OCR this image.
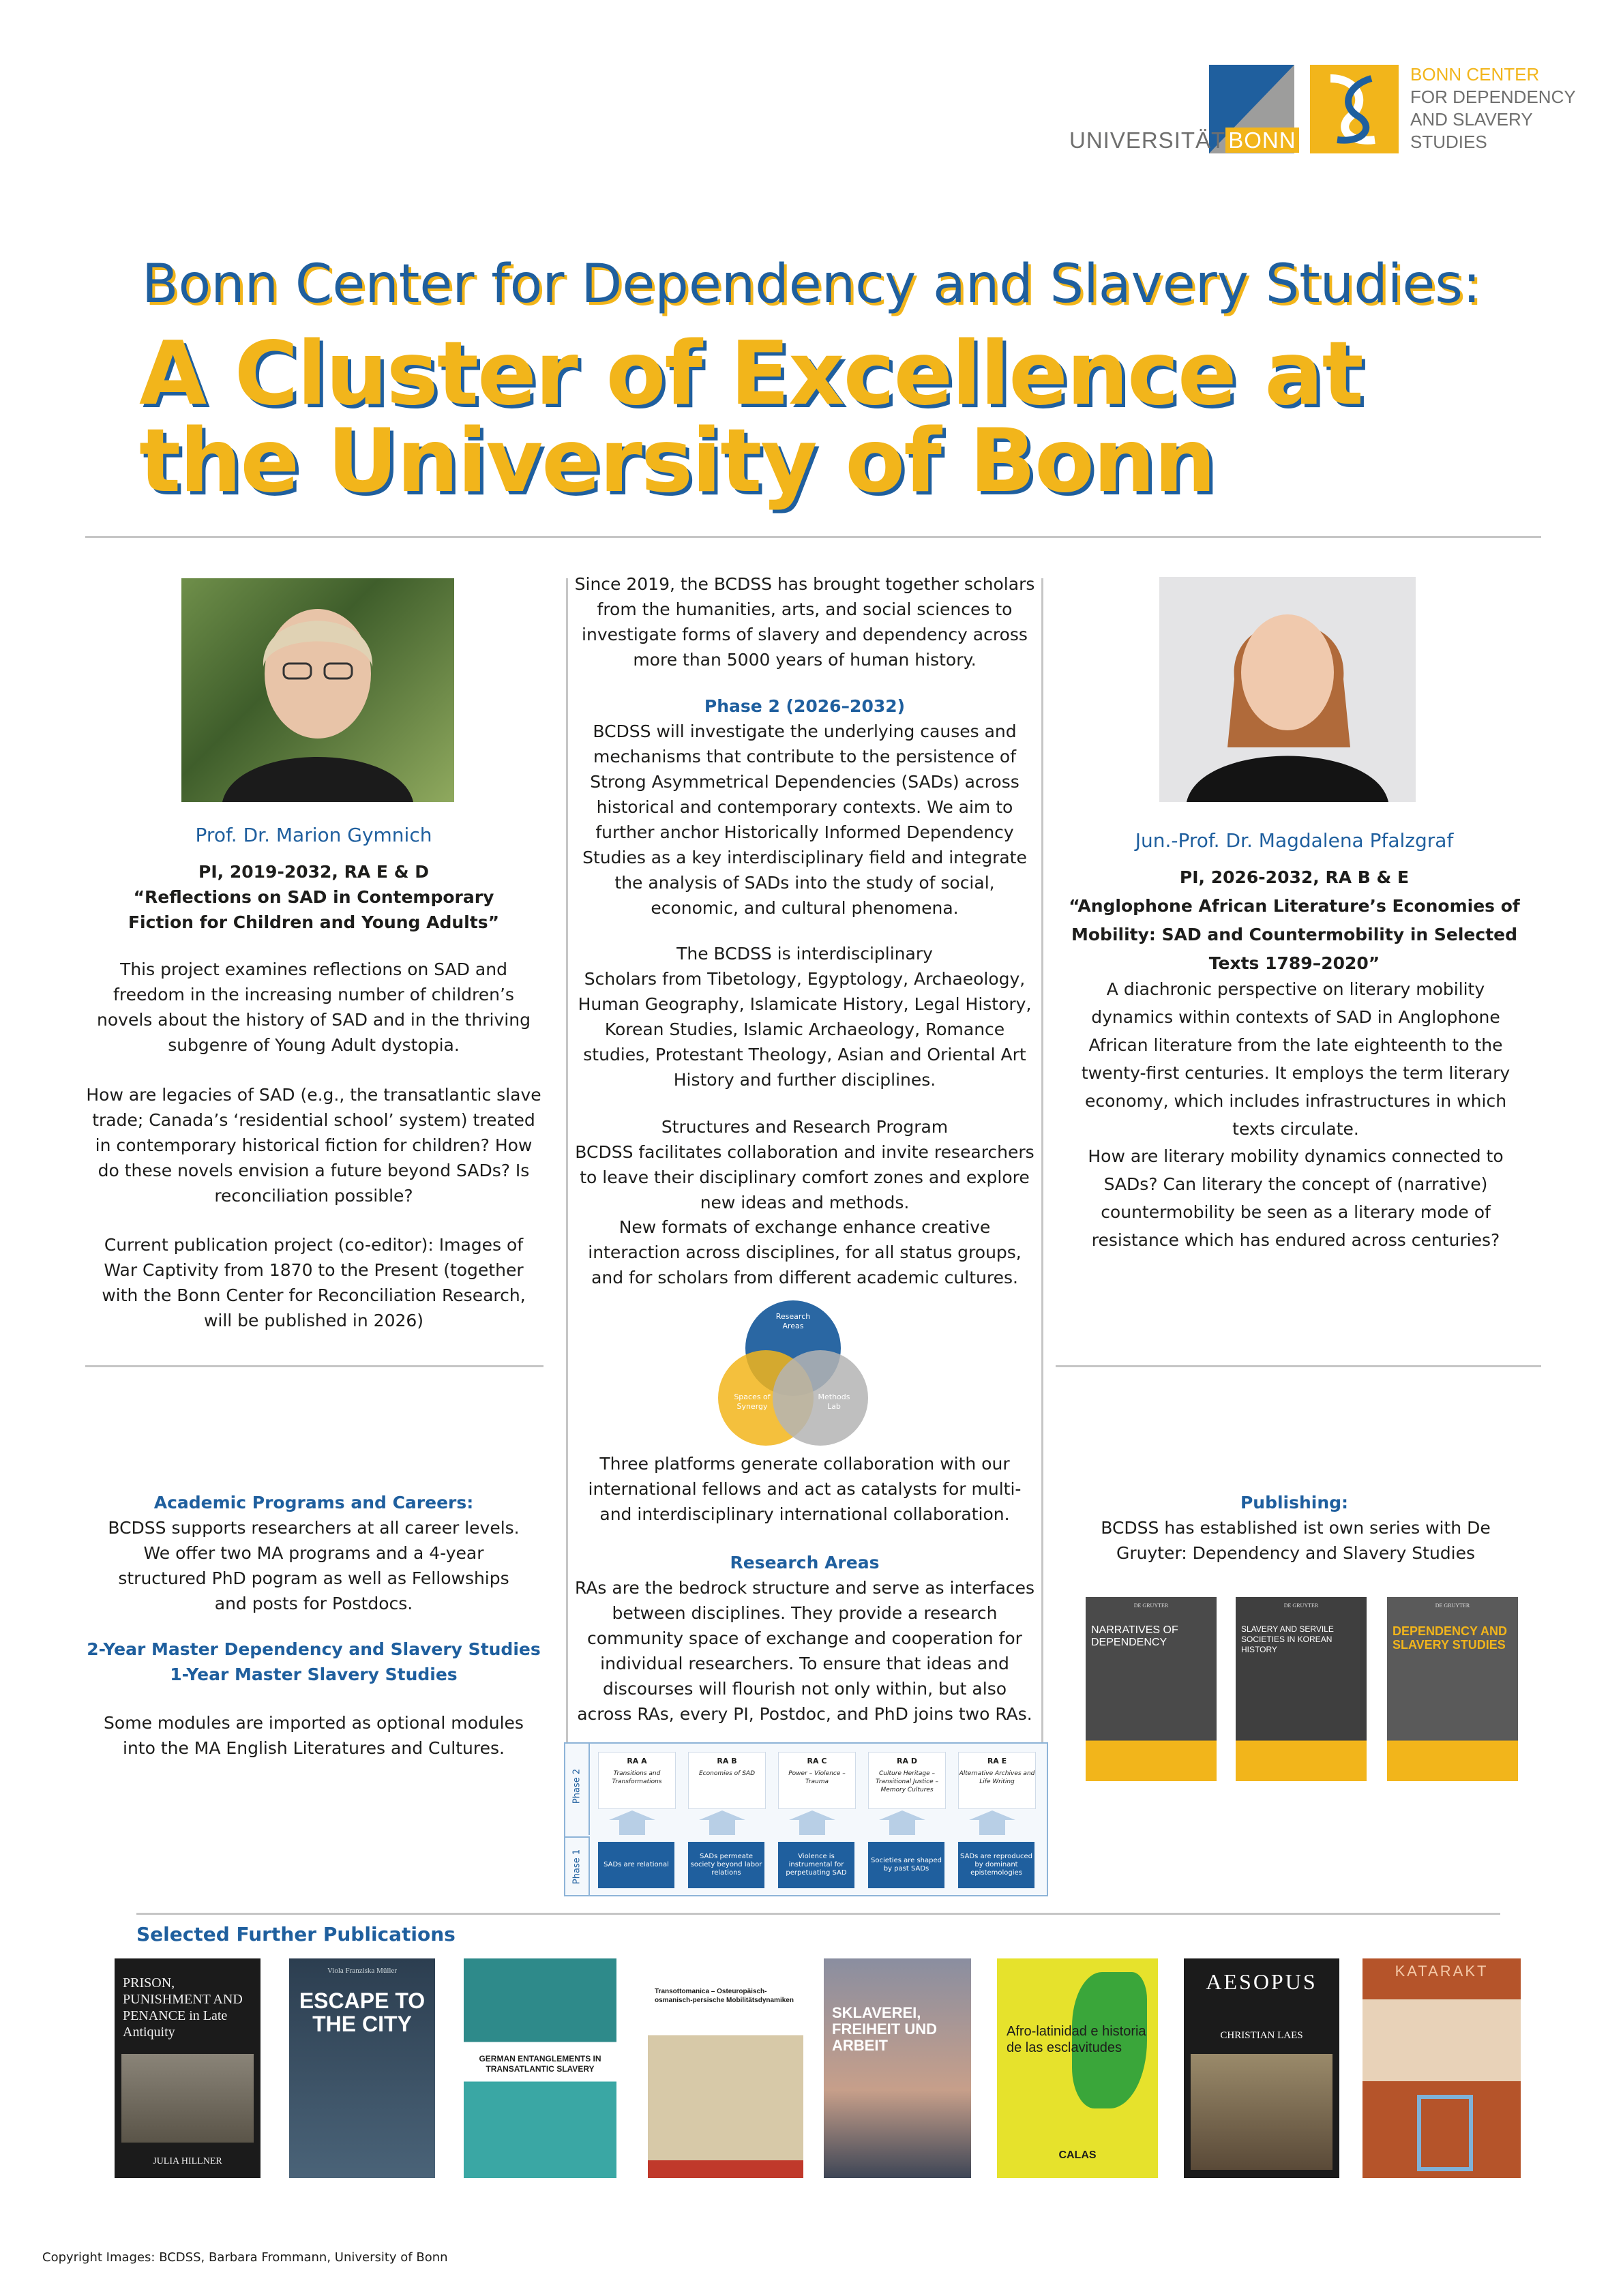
UNIVERSITÄT BONN
BONN CENTER
FOR DEPENDENCY
AND SLAVERY
STUDIES
Bonn Center for Dependency and Slavery Studies:
A Cluster of Excellence at the University of Bonn
Prof. Dr. Marion Gymnich
PI, 2019-2032, RA E & D
“Reflections on SAD in Contemporary Fiction for Children and Young Adults”
This project examines reflections on SAD and freedom in the increasing number of children’s novels about the history of SAD and in the thriving subgenre of Young Adult dystopia.
How are legacies of SAD (e.g., the transatlantic slave trade; Canada’s ‘residential school’ system) treated in contemporary historical fiction for children? How do these novels envision a future beyond SADs? Is reconciliation possible?
Current publication project (co-editor): Images of War Captivity from 1870 to the Present (together with the Bonn Center for Reconciliation Research, will be published in 2026)
Academic Programs and Careers:
BCDSS supports researchers at all career levels. We offer two MA programs and a 4-year structured PhD pogram as well as Fellowships and posts for Postdocs.
2-Year Master Dependency and Slavery Studies
1-Year Master Slavery Studies
Some modules are imported as optional modules into the MA English Literatures and Cultures.
Since 2019, the BCDSS has brought together scholars from the humanities, arts, and social sciences to investigate forms of slavery and dependency across more than 5000 years of human history.
Phase 2 (2026–2032)
BCDSS will investigate the underlying causes and mechanisms that contribute to the persistence of Strong Asymmetrical Dependencies (SADs) across historical and contemporary contexts. We aim to further anchor Historically Informed Dependency Studies as a key interdisciplinary field and integrate the analysis of SADs into the study of social, economic, and cultural phenomena.
The BCDSS is interdisciplinary
Scholars from Tibetology, Egyptology, Archaeology, Human Geography, Islamicate History, Legal History, Korean Studies, Islamic Archaeology, Romance studies, Protestant Theology, Asian and Oriental Art History and further disciplines.
Structures and Research Program
BCDSS facilitates collaboration and invite researchers to leave their disciplinary comfort zones and explore new ideas and methods.
New formats of exchange enhance creative interaction across disciplines, for all status groups, and for scholars from different academic cultures.
Research Areas
Spaces of Synergy
Methods Lab
Three platforms generate collaboration with our international fellows and act as catalysts for multi- and interdisciplinary international collaboration.
Research Areas
RAs are the bedrock structure and serve as interfaces between disciplines. They provide a research community space of exchange and cooperation for individual researchers. To ensure that ideas and discourses will flourish not only within, but also across RAs, every PI, Postdoc, and PhD joins two RAs.
Phase 2
Phase 1
RA A
Transitions and Transformations
RA B
Economies of SAD
RA C
Power – Violence – Trauma
RA D
Culture Heritage – Transitional Justice – Memory Cultures
RA E
Alternative Archives and Life Writing
SADs are relational
SADs permeate society beyond labor relations
Violence is instrumental for perpetuating SAD
Societies are shaped by past SADs
SADs are reproduced by dominant epistemologies
Jun.-Prof. Dr. Magdalena Pfalzgraf
PI, 2026-2032, RA B & E
“Anglophone African Literature’s Economies of Mobility: SAD and Countermobility in Selected Texts 1789–2020”
A diachronic perspective on literary mobility dynamics within contexts of SAD in Anglophone African literature from the late eighteenth to the twenty-first centuries. It employs the term literary economy, which includes infrastructures in which texts circulate.
How are literary mobility dynamics connected to SADs? Can literary the concept of (narrative) countermobility be seen as a literary mode of resistance which has endured across centuries?
Publishing:
BCDSS has established ist own series with De Gruyter: Dependency and Slavery Studies
DE GRUYTER
NARRATIVES OF DEPENDENCY
DE GRUYTER
SLAVERY AND SERVILE SOCIETIES IN KOREAN HISTORY
DE GRUYTER
DEPENDENCY AND SLAVERY STUDIES
Selected Further Publications
PRISON, PUNISHMENT AND PENANCE in Late Antiquity
JULIA HILLNER
Viola Franziska Müller
ESCAPE TO THE CITY
GERMAN ENTANGLEMENTS IN TRANSATLANTIC SLAVERY
Transottomanica – Osteuropäisch-osmanisch-persische Mobilitätsdynamiken
SKLAVEREI, FREIHEIT UND ARBEIT
Afro-latinidad e historia de las esclavitudes
CALAS
AESOPUS
CHRISTIAN LAES
KATARAKT
Copyright Images: BCDSS, Barbara Frommann, University of Bonn
